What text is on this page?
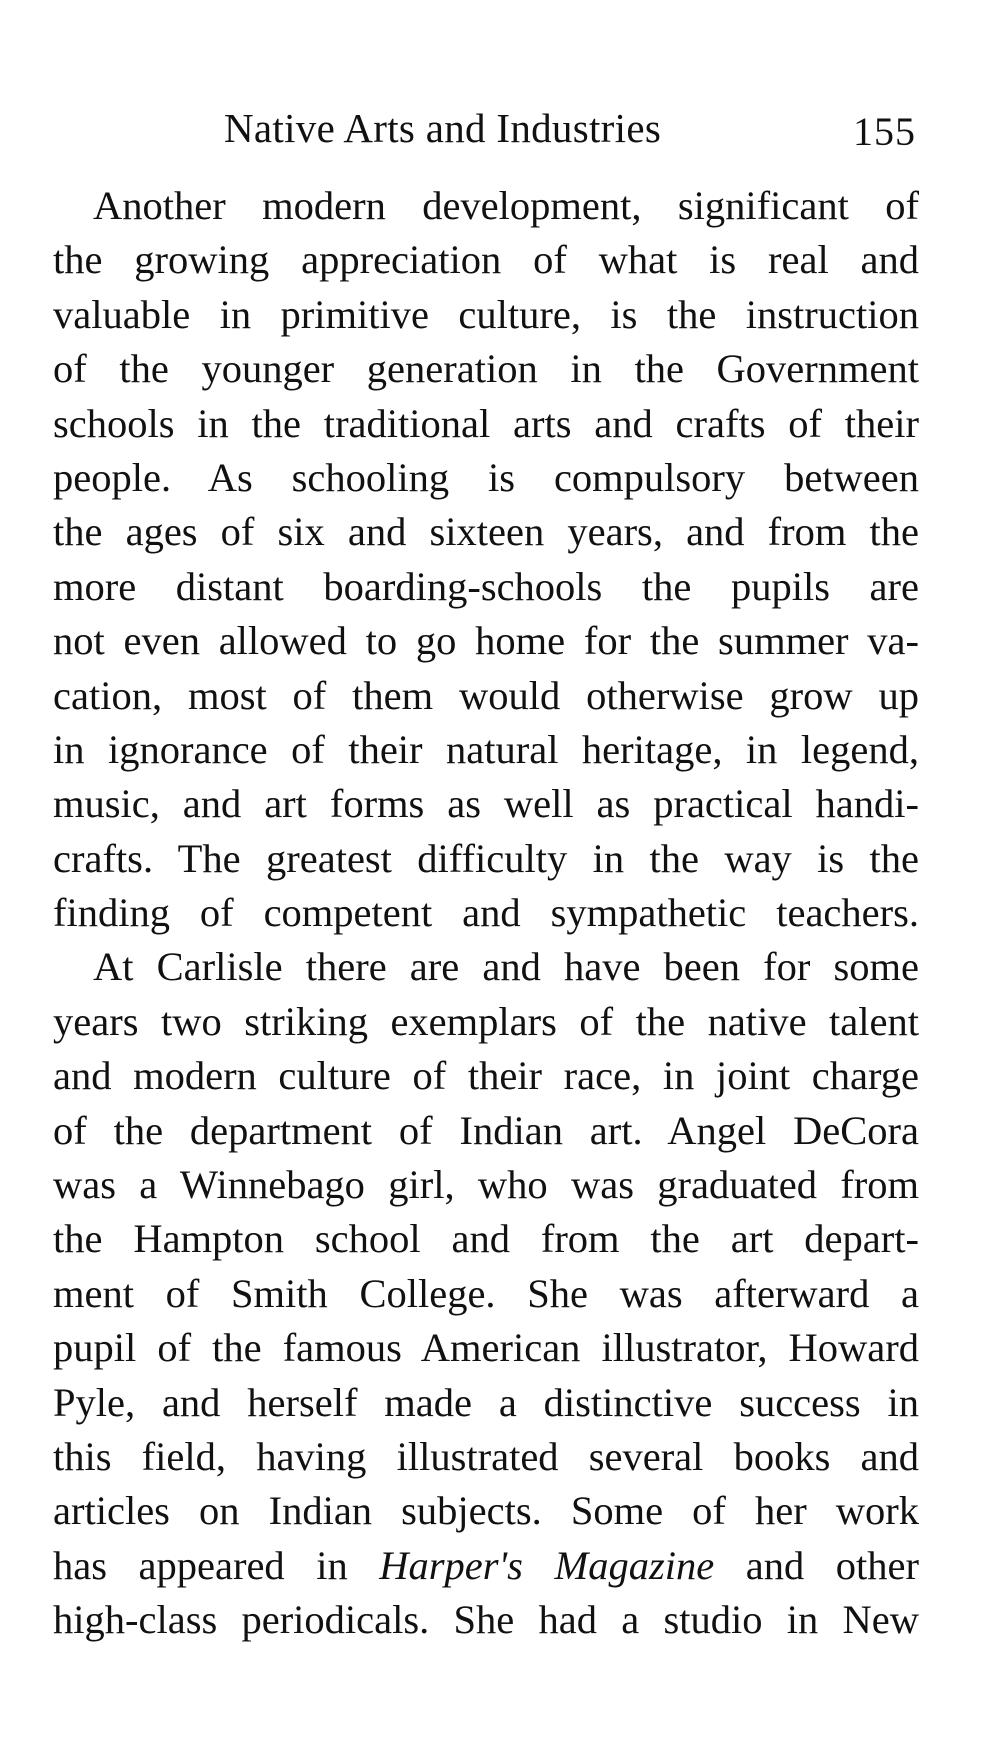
Native Arts and Industries	155
Another modern development, significant of
the growing appreciation of what is real and
valuable in primitive culture, is the instruction
of the younger generation in the Government
schools in the traditional arts and crafts of their
people. As schooling is compulsory between
the ages of six and sixteen years, and from the
more distant boarding-schools the pupils are
not even allowed to go home for the summer va-
cation, most of them would otherwise grow up
in ignorance of their natural heritage, in legend,
music, and art forms as well as practical handi-
crafts. The greatest difficulty in the way is the
finding of competent and sympathetic teachers.
At Carlisle there are and have been for some
years two striking exemplars of the native talent
and modern culture of their race, in joint charge
of the department of Indian art. Angel DeCora
was a Winnebago girl, who was graduated from
the Hampton school and from the art depart-
ment of Smith College. She was afterward a
pupil of the famous American illustrator, Howard
Pyle, and herself made a distinctive success in
this field, having illustrated several books and
articles on Indian subjects. Some of her work
has appeared in Harper's Magazine and other
high-class periodicals. She had a studio in New
